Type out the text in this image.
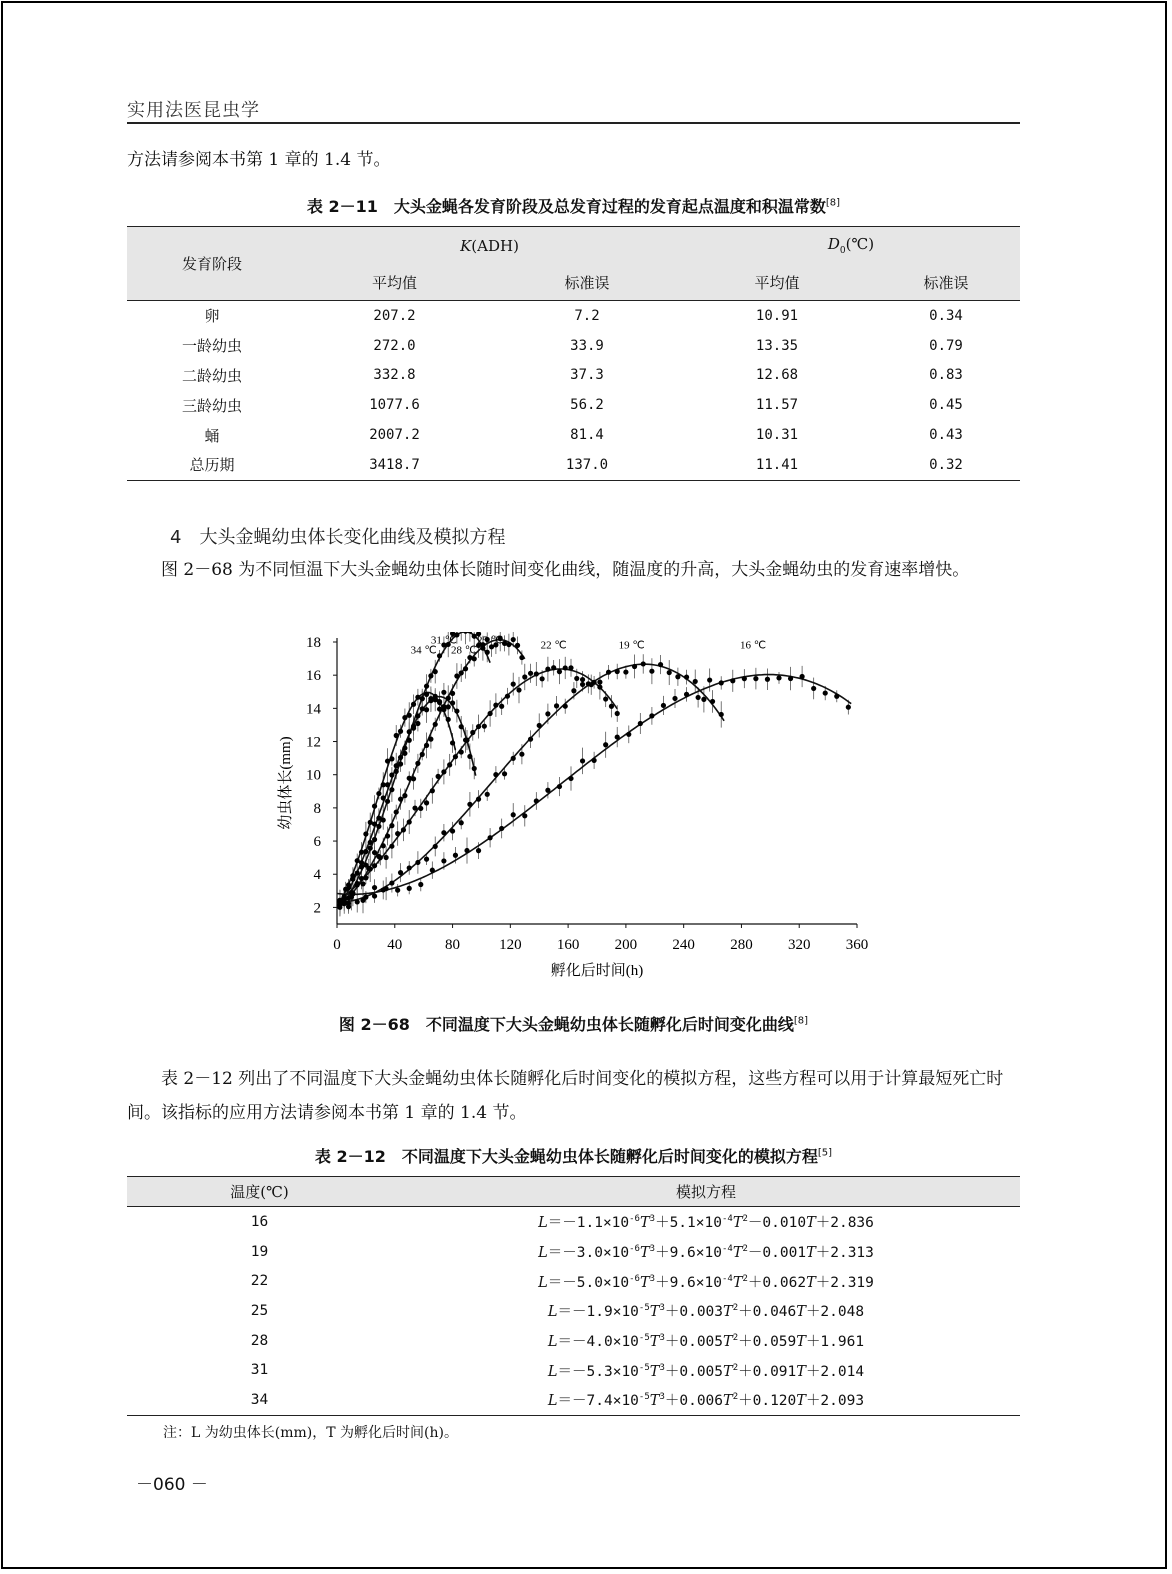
实用法医昆虫学

方法请参阅本书第 1 章的 1.4 节。

表 2－11　大头金蝇各发育阶段及总发育过程的发育起点温度和积温常数[8]
发育阶段	K(ADH)		$D_0(℃)$	
	平均值	标准误	平均值	标准误
卵	207.2	7.2	10.91	0.34
一龄幼虫	272.0	33.9	13.35	0.79
二龄幼虫	332.8	37.3	12.68	0.83
三龄幼虫	1077.6	56.2	11.57	0.45
蛹	2007.2	81.4	10.31	0.43
总历期	3418.7	137.0	11.41	0.32
4　大头金蝇幼虫体长变化曲线及模拟方程

图 2－68 为不同恒温下大头金蝇幼虫体长随时间变化曲线，随温度的升高，大头金蝇幼虫的发育速率增快。

0	40	80	120 160 200 240 280 320 360
2
4
6
8
10
12
14
16
18
孵化后时间(h)
幼虫体长(mm)
31 ℃ 25 ℃
34 ℃ 28 ℃	22 ℃	19 ℃	16 ℃
图 2－68　不同温度下大头金蝇幼虫体长随孵化后时间变化曲线[8]

表 2－12 列出了不同温度下大头金蝇幼虫体长随孵化后时间变化的模拟方程，这些方程可以用于计算最短死亡时间。该指标的应用方法请参阅本书第 1 章的 1.4 节。

表 2－12　不同温度下大头金蝇幼虫体长随孵化后时间变化的模拟方程[5]
温度(℃)	模拟方程
16	$L=-1.1\times 10^{-6}T^3+5.1\times 10^{-4}T^2-0.010T+2.836$
19	$L=-3.0\times 10^{-6}T^3+9.6\times 10^{-4}T^2-0.001T+2.313$
22	$L=-5.0\times 10^{-6}T^3+9.6\times 10^{-4}T^2+0.062T+2.319$
25	$L=-1.9\times 10^{-5}T^3+0.003T^2+0.046T+2.048$
28	$L=-4.0\times 10^{-5}T^3+0.005T^2+0.059T+1.961$
31	$L=-5.3\times 10^{-5}T^3+0.005T^2+0.091T+2.014$
34	$L=-7.4\times 10^{-5}T^3+0.006T^2+0.120T+2.093$
注：L 为幼虫体长(mm)，T 为孵化后时间(h)。
－060 －
